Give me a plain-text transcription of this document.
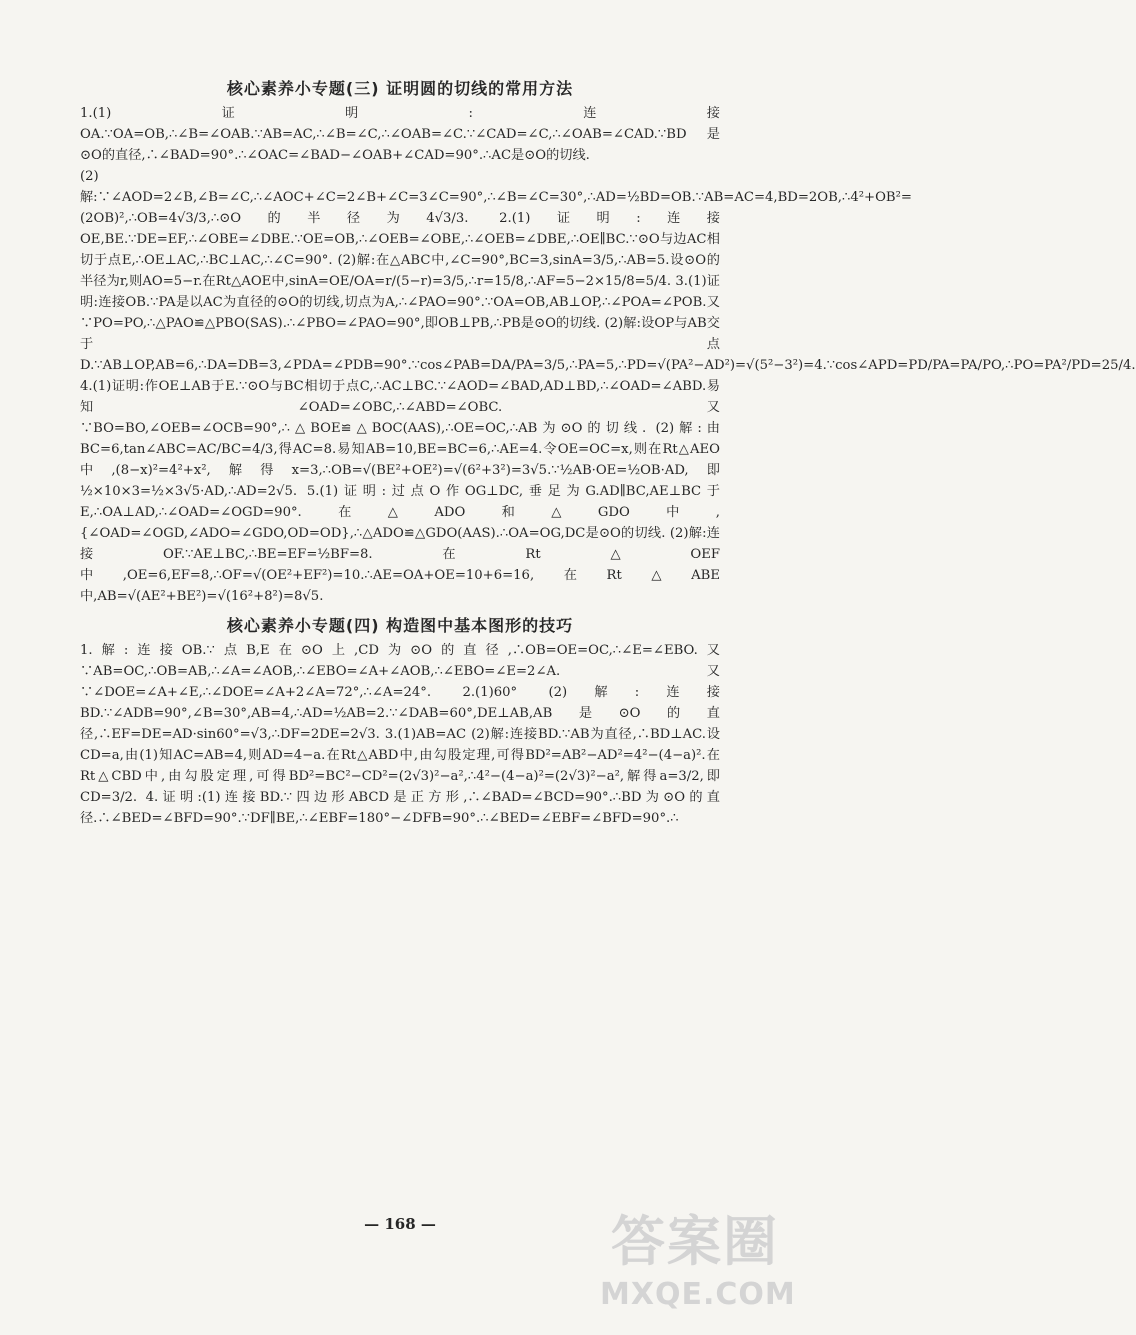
核心素养小专题(三) 证明圆的切线的常用方法

1.(1)证明:连接OA.∵OA=OB,∴∠B=∠OAB.∵AB=AC,∴∠B=∠C,∴∠OAB=∠C.∵∠CAD=∠C,∴∠OAB=∠CAD.∵BD是⊙O的直径,∴∠BAD=90°.∴∠OAC=∠BAD−∠OAB+∠CAD=90°.∴AC是⊙O的切线.

(2)解:∵∠AOD=2∠B,∠B=∠C,∴∠AOC+∠C=2∠B+∠C=3∠C=90°,∴∠B=∠C=30°,∴AD=½BD=OB.∵AB=AC=4,BD=2OB,∴4²+OB²=(2OB)²,∴OB=4√3/3,∴⊙O的半径为4√3/3. 2.(1)证明:连接OE,BE.∵DE=EF,∴∠OBE=∠DBE.∵OE=OB,∴∠OEB=∠OBE,∴∠OEB=∠DBE,∴OE∥BC.∵⊙O与边AC相切于点E,∴OE⊥AC,∴BC⊥AC,∴∠C=90°. (2)解:在△ABC中,∠C=90°,BC=3,sinA=3/5,∴AB=5.设⊙O的半径为r,则AO=5−r.在Rt△AOE中,sinA=OE/OA=r/(5−r)=3/5,∴r=15/8,∴AF=5−2×15/8=5/4. 3.(1)证明:连接OB.∵PA是以AC为直径的⊙O的切线,切点为A,∴∠PAO=90°.∵OA=OB,AB⊥OP,∴∠POA=∠POB.又∵PO=PO,∴△PAO≌△PBO(SAS).∴∠PBO=∠PAO=90°,即OB⊥PB,∴PB是⊙O的切线. (2)解:设OP与AB交于点D.∵AB⊥OP,AB=6,∴DA=DB=3,∠PDA=∠PDB=90°.∵cos∠PAB=DA/PA=3/5,∴PA=5,∴PD=√(PA²−AD²)=√(5²−3²)=4.∵cos∠APD=PD/PA=PA/PO,∴PO=PA²/PD=25/4. 4.(1)证明:作OE⊥AB于E.∵⊙O与BC相切于点C,∴AC⊥BC.∵∠AOD=∠BAD,AD⊥BD,∴∠OAD=∠ABD.易知∠OAD=∠OBC,∴∠ABD=∠OBC.又∵BO=BO,∠OEB=∠OCB=90°,∴△BOE≌△BOC(AAS),∴OE=OC,∴AB为⊙O的切线. (2)解:由BC=6,tan∠ABC=AC/BC=4/3,得AC=8.易知AB=10,BE=BC=6,∴AE=4.令OE=OC=x,则在Rt△AEO中,(8−x)²=4²+x²,解得x=3,∴OB=√(BE²+OE²)=√(6²+3²)=3√5.∵½AB·OE=½OB·AD,即½×10×3=½×3√5·AD,∴AD=2√5. 5.(1)证明:过点O作OG⊥DC,垂足为G.AD∥BC,AE⊥BC于E,∴OA⊥AD,∴∠OAD=∠OGD=90°.在△ADO和△GDO中,{∠OAD=∠OGD,∠ADO=∠GDO,OD=OD},∴△ADO≌△GDO(AAS).∴OA=OG,DC是⊙O的切线. (2)解:连接OF.∵AE⊥BC,∴BE=EF=½BF=8.在Rt△OEF中,OE=6,EF=8,∴OF=√(OE²+EF²)=10.∴AE=OA+OE=10+6=16,在Rt△ABE中,AB=√(AE²+BE²)=√(16²+8²)=8√5.

核心素养小专题(四) 构造图中基本图形的技巧

1.解:连接OB.∵点B,E在⊙O上,CD为⊙O的直径,∴OB=OE=OC,∴∠E=∠EBO.又∵AB=OC,∴OB=AB,∴∠A=∠AOB,∴∠EBO=∠A+∠AOB,∴∠EBO=∠E=2∠A.又∵∠DOE=∠A+∠E,∴∠DOE=∠A+2∠A=72°,∴∠A=24°. 2.(1)60° (2)解:连接BD.∵∠ADB=90°,∠B=30°,AB=4,∴AD=½AB=2.∵∠DAB=60°,DE⊥AB,AB是⊙O的直径,∴EF=DE=AD·sin60°=√3,∴DF=2DE=2√3. 3.(1)AB=AC (2)解:连接BD.∵AB为直径,∴BD⊥AC.设CD=a,由(1)知AC=AB=4,则AD=4−a.在Rt△ABD中,由勾股定理,可得BD²=AB²−AD²=4²−(4−a)².在Rt△CBD中,由勾股定理,可得BD²=BC²−CD²=(2√3)²−a²,∴4²−(4−a)²=(2√3)²−a²,解得a=3/2,即CD=3/2. 4.证明:(1)连接BD.∵四边形ABCD是正方形,∴∠BAD=∠BCD=90°.∴BD为⊙O的直径.∴∠BED=∠BFD=90°.∵DF∥BE,∴∠EBF=180°−∠DFB=90°.∴∠BED=∠EBF=∠BFD=90°.∴

— 168 —	答案圈
MXQE.COM
